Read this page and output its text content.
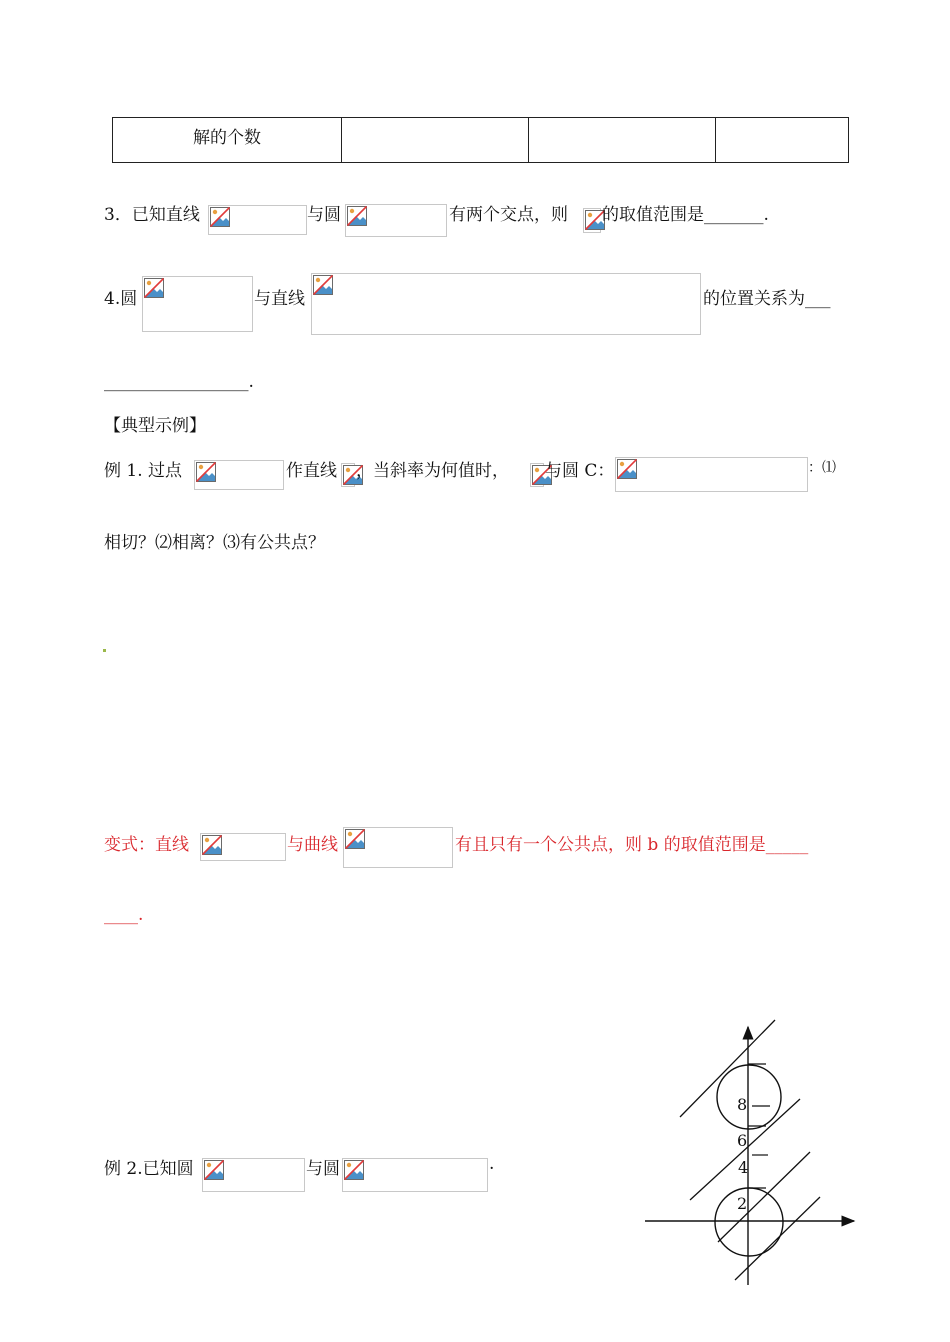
解的个数

3．已知直线	与圆	有两个交点，则 的取值范围是_______.
4.圆	与直线	的位置关系为___
_________________.
【典型示例】
例 1. 过点	作直线 ，当斜率为何值时， 与圆 C：	：⑴
相切？⑵相离？⑶有公共点？
变式：直线	与曲线	有且只有一个公共点，则 b 的取值范围是_____
____.
例 2.已知圆	与圆	.
8
6
4
2
